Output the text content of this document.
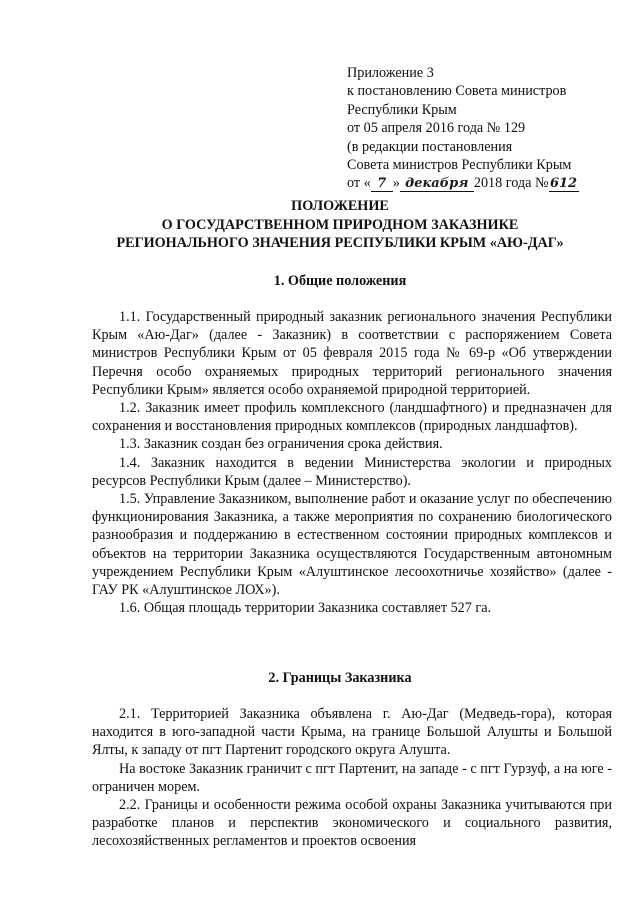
Приложение 3
к постановлению Совета министров
Республики Крым
от 05 апреля 2016 года № 129
(в редакции постановления
Совета министров Республики Крым
от « 7 » декабря 2018 года №612
ПОЛОЖЕНИЕ
О ГОСУДАРСТВЕННОМ ПРИРОДНОМ ЗАКАЗНИКЕ
РЕГИОНАЛЬНОГО ЗНАЧЕНИЯ РЕСПУБЛИКИ КРЫМ «АЮ-ДАГ»
1. Общие положения

1.1. Государственный природный заказник регионального значения Республики Крым «Аю-Даг» (далее - Заказник) в соответствии с распоряжением Совета министров Республики Крым от 05 февраля 2015 года № 69-р «Об утверждении Перечня особо охраняемых природных территорий регионального значения Республики Крым» является особо охраняемой природной территорией.

1.2. Заказник имеет профиль комплексного (ландшафтного) и предназначен для сохранения и восстановления природных комплексов (природных ландшафтов).

1.3. Заказник создан без ограничения срока действия.

1.4. Заказник находится в ведении Министерства экологии и природных ресурсов Республики Крым (далее – Министерство).

1.5. Управление Заказником, выполнение работ и оказание услуг по обеспечению функционирования Заказника, а также мероприятия по сохранению биологического разнообразия и поддержанию в естественном состоянии природных комплексов и объектов на территории Заказника осуществляются Государственным автономным учреждением Республики Крым «Алуштинское лесоохотничье хозяйство» (далее - ГАУ РК «Алуштинское ЛОХ»).

1.6. Общая площадь территории Заказника составляет 527 га.

2. Границы Заказника

2.1. Территорией Заказника объявлена г. Аю-Даг (Медведь-гора), которая находится в юго-западной части Крыма, на границе Большой Алушты и Большой Ялты, к западу от пгт Партенит городского округа Алушта.

На востоке Заказник граничит с пгт Партенит, на западе - с пгт Гурзуф, а на юге - ограничен морем.

2.2. Границы и особенности режима особой охраны Заказника учитываются при разработке планов и перспектив экономического и социального развития, лесохозяйственных регламентов и проектов освоения
